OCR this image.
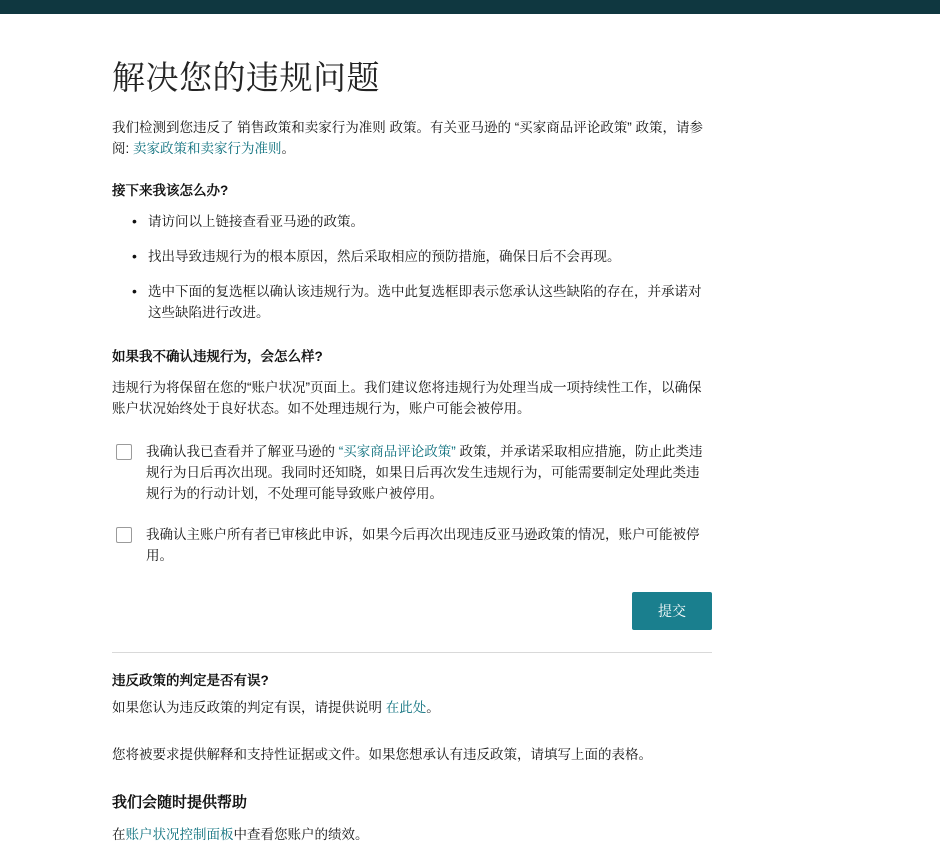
解决您的违规问题

我们检测到您违反了 销售政策和卖家行为准则 政策。有关亚马逊的 “买家商品评论政策” 政策，请参阅: 卖家政策和卖家行为准则。

接下来我该怎么办?
• 请访问以上链接查看亚马逊的政策。
• 找出导致违规行为的根本原因，然后采取相应的预防措施，确保日后不会再现。
• 选中下面的复选框以确认该违规行为。选中此复选框即表示您承认这些缺陷的存在，并承诺对这些缺陷进行改进。
如果我不确认违规行为，会怎么样?

违规行为将保留在您的“账户状况”页面上。我们建议您将违规行为处理当成一项持续性工作，以确保账户状况始终处于良好状态。如不处理违规行为，账户可能会被停用。

我确认我已查看并了解亚马逊的 “买家商品评论政策” 政策，并承诺采取相应措施，防止此类违规行为日后再次出现。我同时还知晓，如果日后再次发生违规行为，可能需要制定处理此类违规行为的行动计划，不处理可能导致账户被停用。
我确认主账户所有者已审核此申诉，如果今后再次出现违反亚马逊政策的情况，账户可能被停用。
提交
违反政策的判定是否有误?

如果您认为违反政策的判定有误，请提供说明 在此处。

您将被要求提供解释和支持性证据或文件。如果您想承认有违反政策，请填写上面的表格。

我们会随时提供帮助

在账户状况控制面板中查看您账户的绩效。
